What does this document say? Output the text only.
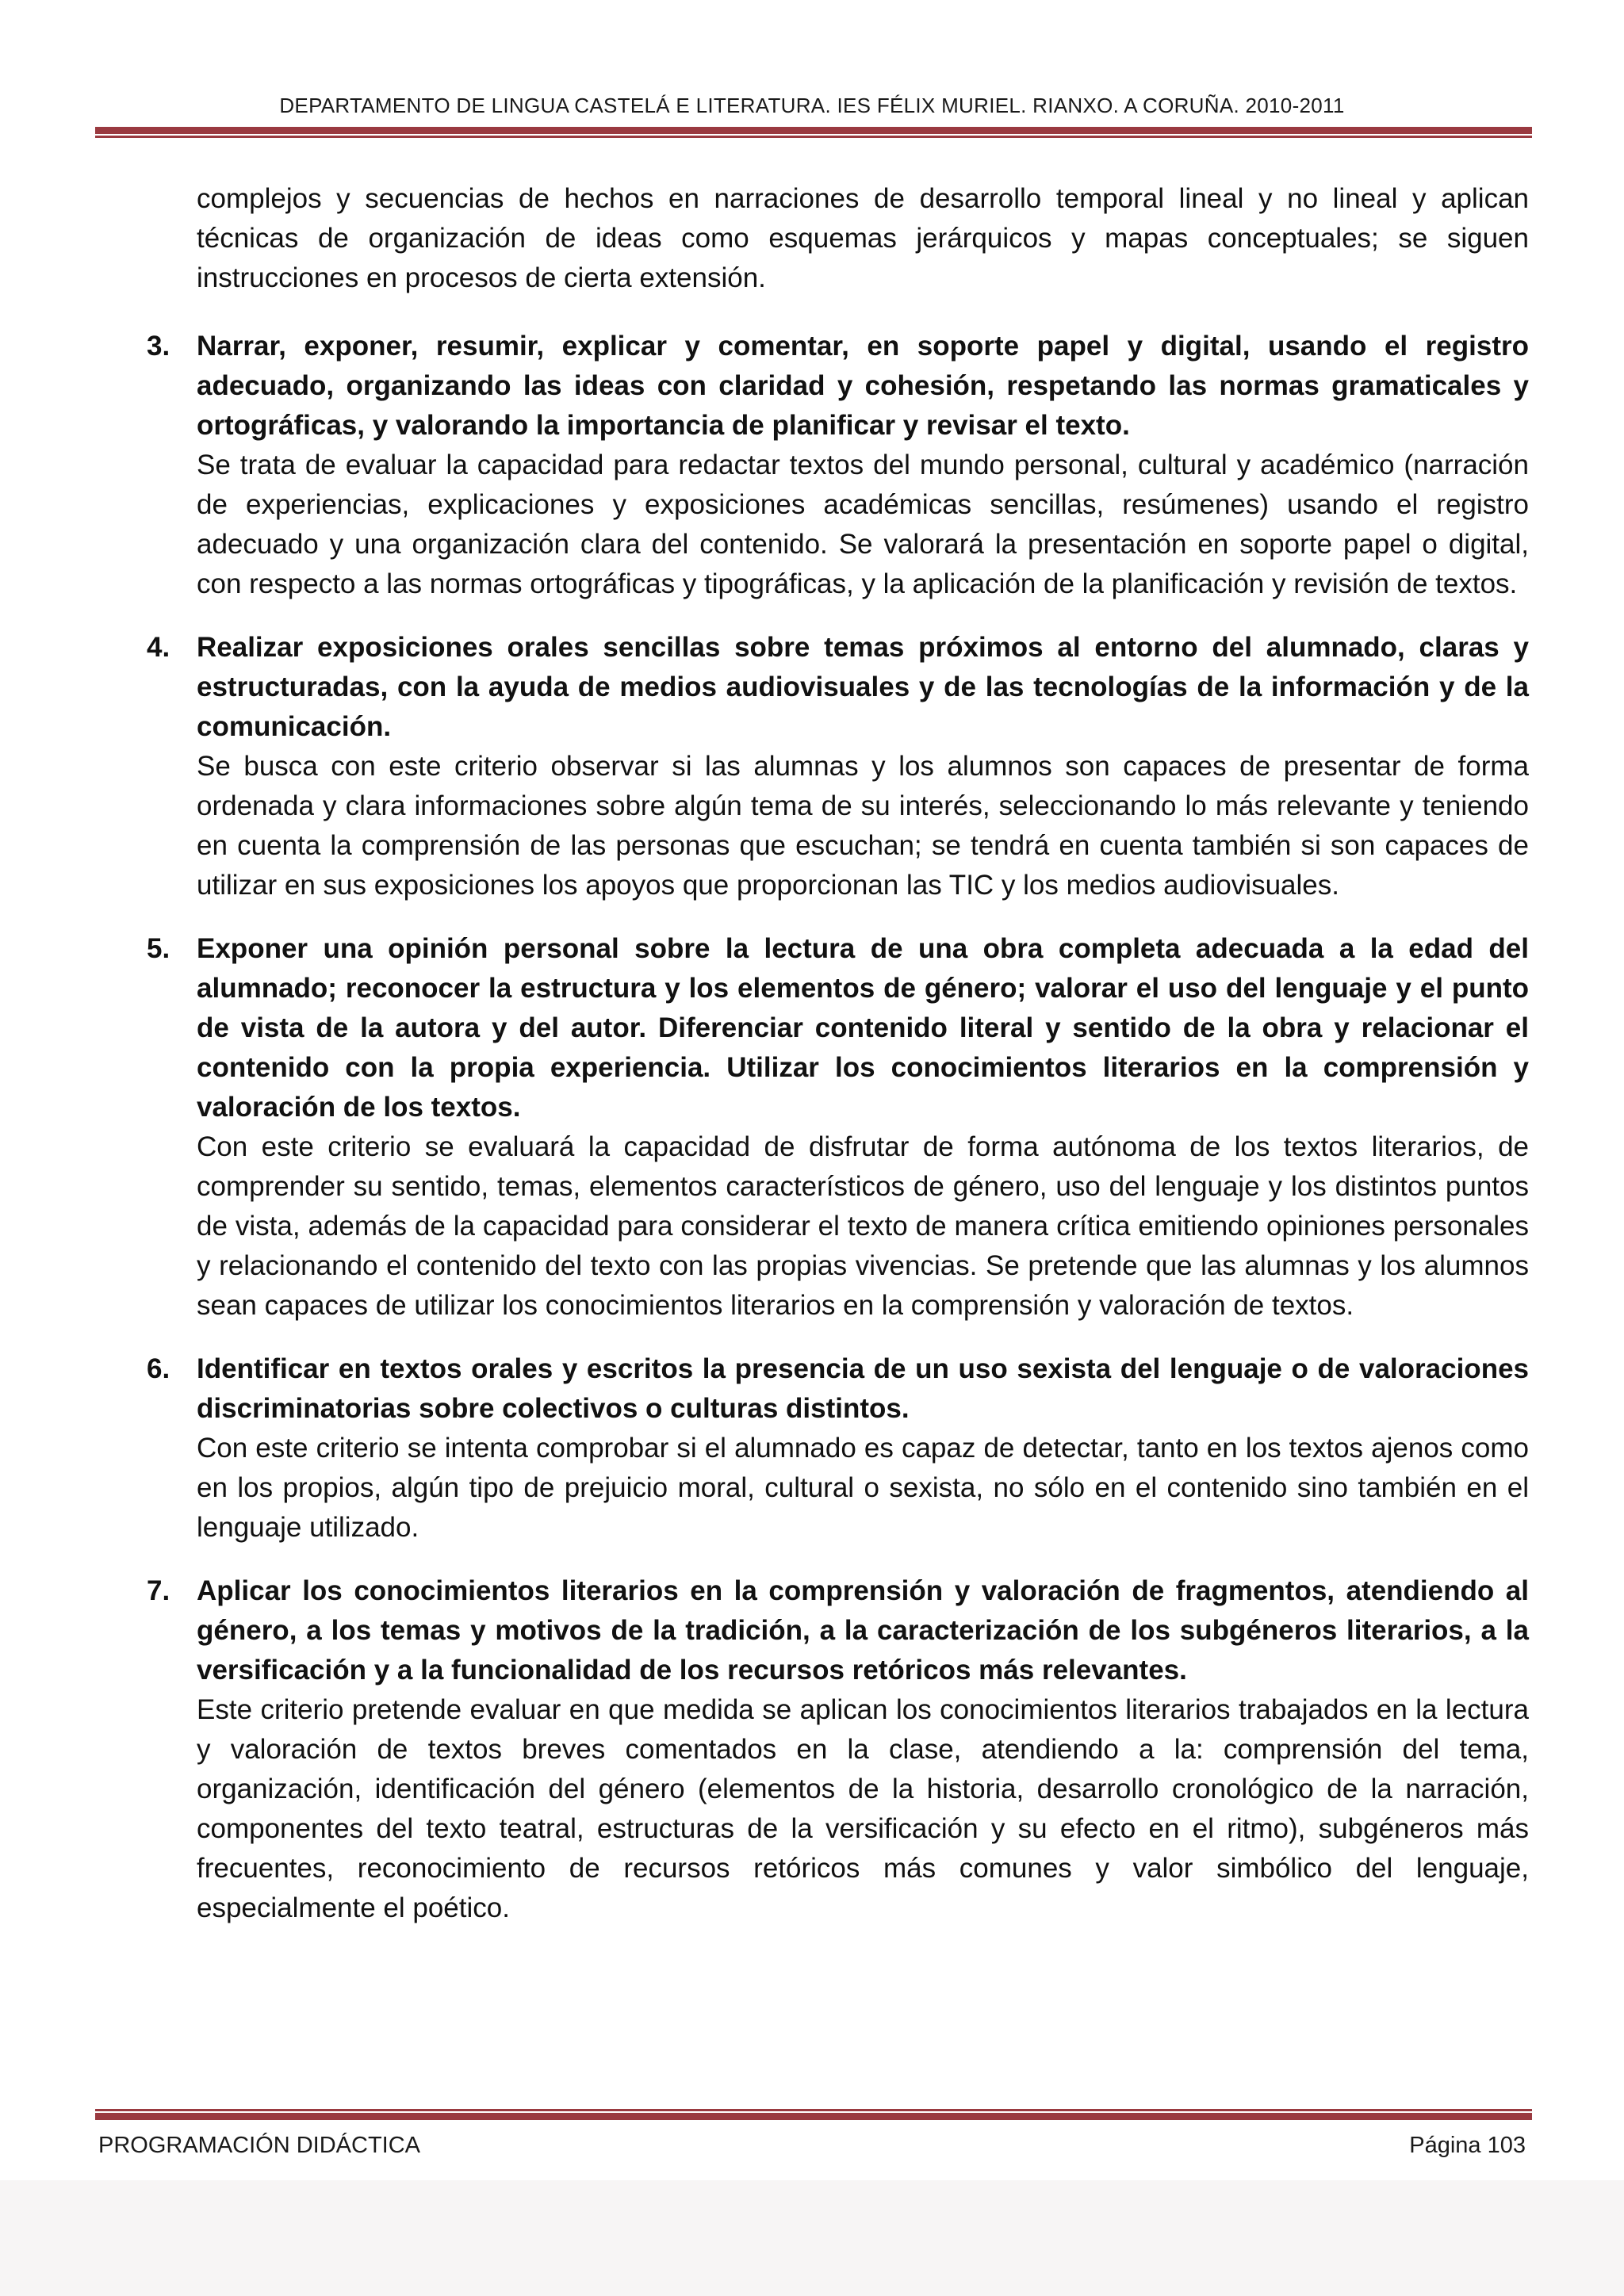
DEPARTAMENTO DE LINGUA CASTELÁ E LITERATURA. IES FÉLIX MURIEL. RIANXO. A CORUÑA. 2010-2011

complejos y secuencias de hechos en narraciones de desarrollo temporal lineal y no lineal y aplican técnicas de organización de ideas como esquemas jerárquicos y mapas conceptuales; se siguen instrucciones en procesos de cierta extensión.

3. Narrar, exponer, resumir, explicar y comentar, en soporte papel y digital, usando el registro adecuado, organizando las ideas con claridad y cohesión, respetando las normas gramaticales y ortográficas, y valorando la importancia de planificar y revisar el texto.

Se trata de evaluar la capacidad para redactar textos del mundo personal, cultural y académico (narración de experiencias, explicaciones y exposiciones académicas sencillas, resúmenes) usando el registro adecuado y una organización clara del contenido. Se valorará la presentación en soporte papel o digital, con respecto a las normas ortográficas y tipográficas, y la aplicación de la planificación y revisión de textos.

4. Realizar exposiciones orales sencillas sobre temas próximos al entorno del alumnado, claras y estructuradas, con la ayuda de medios audiovisuales y de las tecnologías de la información y de la comunicación.

Se busca con este criterio observar si las alumnas y los alumnos son capaces de presentar de forma ordenada y clara informaciones sobre algún tema de su interés, seleccionando lo más relevante y teniendo en cuenta la comprensión de las personas que escuchan; se tendrá en cuenta también si son capaces de utilizar en sus exposiciones los apoyos que proporcionan las TIC y los medios audiovisuales.

5. Exponer una opinión personal sobre la lectura de una obra completa adecuada a la edad del alumnado; reconocer la estructura y los elementos de género; valorar el uso del lenguaje y el punto de vista de la autora y del autor. Diferenciar contenido literal y sentido de la obra y relacionar el contenido con la propia experiencia. Utilizar los conocimientos literarios en la comprensión y valoración de los textos.

Con este criterio se evaluará la capacidad de disfrutar de forma autónoma de los textos literarios, de comprender su sentido, temas, elementos característicos de género, uso del lenguaje y los distintos puntos de vista, además de la capacidad para considerar el texto de manera crítica emitiendo opiniones personales y relacionando el contenido del texto con las propias vivencias. Se pretende que las alumnas y los alumnos sean capaces de utilizar los conocimientos literarios en la comprensión y valoración de textos.

6. Identificar en textos orales y escritos la presencia de un uso sexista del lenguaje o de valoraciones discriminatorias sobre colectivos o culturas distintos.

Con este criterio se intenta comprobar si el alumnado es capaz de detectar, tanto en los textos ajenos como en los propios, algún tipo de prejuicio moral, cultural o sexista, no sólo en el contenido sino también en el lenguaje utilizado.

7. Aplicar los conocimientos literarios en la comprensión y valoración de fragmentos, atendiendo al género, a los temas y motivos de la tradición, a la caracterización de los subgéneros literarios, a la versificación y a la funcionalidad de los recursos retóricos más relevantes.

Este criterio pretende evaluar en que medida se aplican los conocimientos literarios trabajados en la lectura y valoración de textos breves comentados en la clase, atendiendo a la: comprensión del tema, organización, identificación del género (elementos de la historia, desarrollo cronológico de la narración, componentes del texto teatral, estructuras de la versificación y su efecto en el ritmo), subgéneros más frecuentes, reconocimiento de recursos retóricos más comunes y valor simbólico del lenguaje, especialmente el poético.

PROGRAMACIÓN DIDÁCTICA	Página 103
